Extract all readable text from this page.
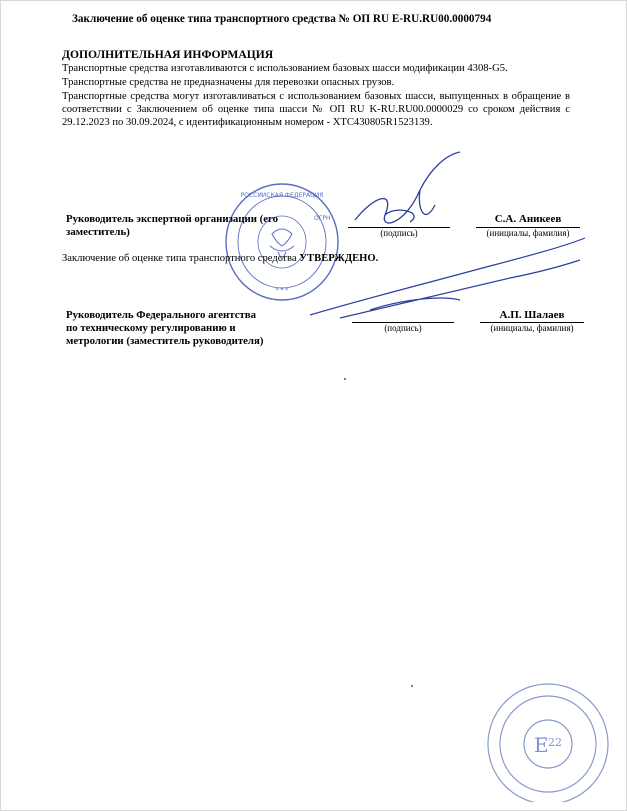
Заключение об оценке типа транспортного средства № ОП RU E-RU.RU00.0000794
ДОПОЛНИТЕЛЬНАЯ ИНФОРМАЦИЯ
Транспортные средства изготавливаются с использованием базовых шасси модификации 4308-G5.
Транспортные средства не предназначены для перевозки опасных грузов.
Транспортные средства могут изготавливаться с использованием базовых шасси, выпущенных в обращение в соответствии с Заключением об оценке типа шасси № ОП RU K-RU.RU00.0000029 со сроком действия с 29.12.2023 по 30.09.2024, с идентификационным номером - ХТС430805R1523139.
РОССИЙСКАЯ ФЕДЕРАЦИЯ
ОГРН
* * *
Руководитель экспертной организации (его заместитель)	(подпись)
С.А. Аникеев
(инициалы, фамилия)
Заключение об оценке типа транспортного средства УТВЕРЖДЕНО.
Руководитель Федерального агентства по техническому регулированию и метрологии (заместитель руководителя)
(подпись)
А.П. Шалаев
(инициалы, фамилия)
E 22
